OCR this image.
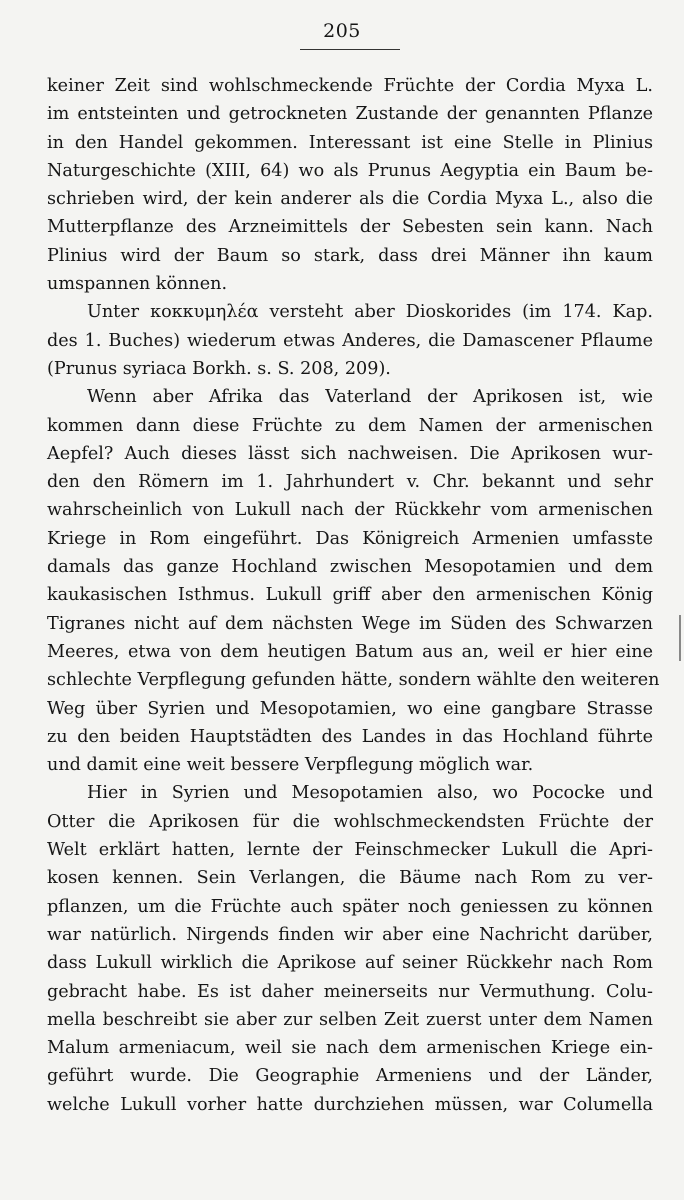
205
keiner Zeit sind wohlschmeckende Früchte der Cordia Myxa L.
im entsteinten und getrockneten Zustande der genannten Pflanze
in den Handel gekommen. Interessant ist eine Stelle in Plinius
Naturgeschichte (XIII, 64) wo als Prunus Aegyptia ein Baum be-
schrieben wird, der kein anderer als die Cordia Myxa L., also die
Mutterpflanze des Arzneimittels der Sebesten sein kann. Nach
Plinius wird der Baum so stark, dass drei Männer ihn kaum
umspannen können.
Unter κοκκυμηλέα versteht aber Dioskorides (im 174. Kap.
des 1. Buches) wiederum etwas Anderes, die Damascener Pflaume
(Prunus syriaca Borkh. s. S. 208, 209).
Wenn aber Afrika das Vaterland der Aprikosen ist, wie
kommen dann diese Früchte zu dem Namen der armenischen
Aepfel? Auch dieses lässt sich nachweisen. Die Aprikosen wur-
den den Römern im 1. Jahrhundert v. Chr. bekannt und sehr
wahrscheinlich von Lukull nach der Rückkehr vom armenischen
Kriege in Rom eingeführt. Das Königreich Armenien umfasste
damals das ganze Hochland zwischen Mesopotamien und dem
kaukasischen Isthmus. Lukull griff aber den armenischen König
Tigranes nicht auf dem nächsten Wege im Süden des Schwarzen
Meeres, etwa von dem heutigen Batum aus an, weil er hier eine
schlechte Verpflegung gefunden hätte, sondern wählte den weiteren
Weg über Syrien und Mesopotamien, wo eine gangbare Strasse
zu den beiden Hauptstädten des Landes in das Hochland führte
und damit eine weit bessere Verpflegung möglich war.
Hier in Syrien und Mesopotamien also, wo Pococke und
Otter die Aprikosen für die wohlschmeckendsten Früchte der
Welt erklärt hatten, lernte der Feinschmecker Lukull die Apri-
kosen kennen. Sein Verlangen, die Bäume nach Rom zu ver-
pflanzen, um die Früchte auch später noch geniessen zu können
war natürlich. Nirgends finden wir aber eine Nachricht darüber,
dass Lukull wirklich die Aprikose auf seiner Rückkehr nach Rom
gebracht habe. Es ist daher meinerseits nur Vermuthung. Colu-
mella beschreibt sie aber zur selben Zeit zuerst unter dem Namen
Malum armeniacum, weil sie nach dem armenischen Kriege ein-
geführt wurde. Die Geographie Armeniens und der Länder,
welche Lukull vorher hatte durchziehen müssen, war Columella
